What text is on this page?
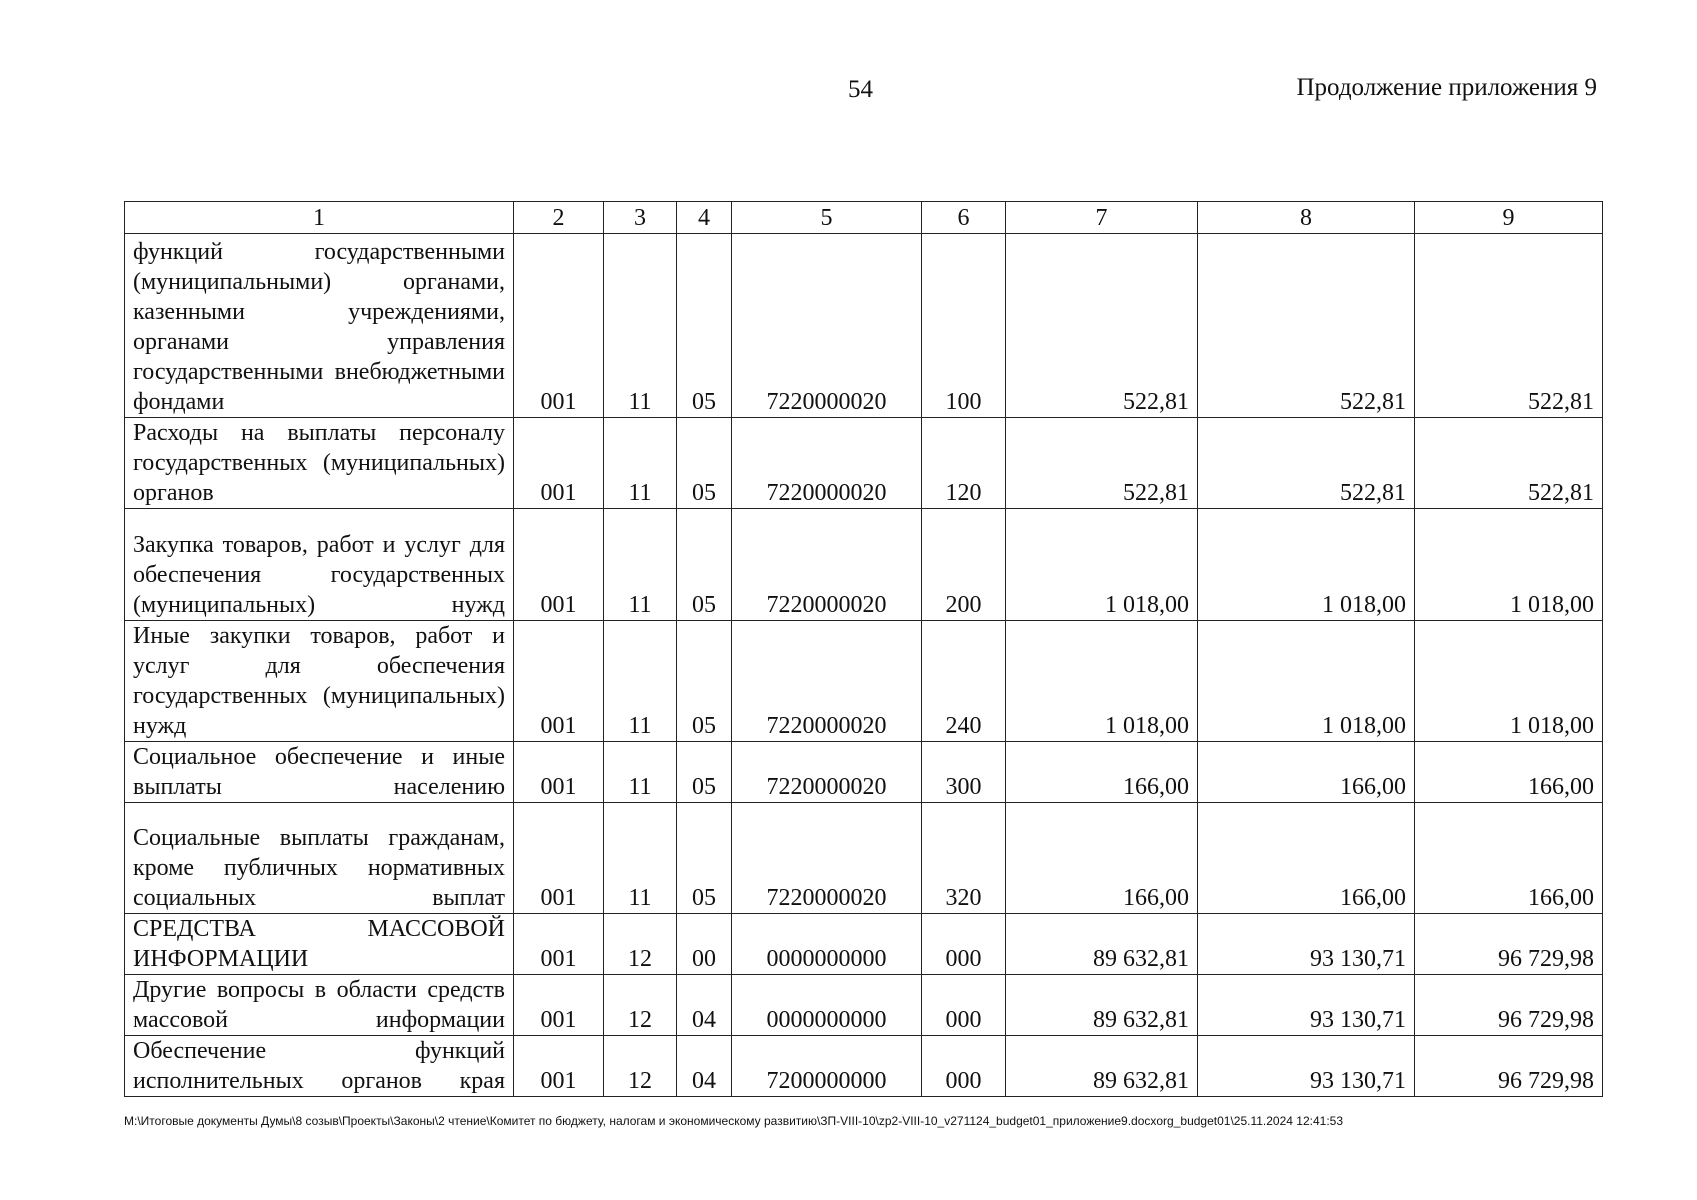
54	Продолжение приложения 9
1	2	3	4	5	6	7	8	9
функций государственными (муниципальными) органами, казенными учреждениями, органами управления государственными внебюджетными фондами	001	11	05	7220000020	100	522,81	522,81	522,81
Расходы на выплаты персоналу государственных (муниципальных) органов	001	11	05	7220000020	120	522,81	522,81	522,81
Закупка товаров, работ и услуг для обеспечения государственных (муниципальных) нужд	001	11	05	7220000020	200	1 018,00	1 018,00	1 018,00
Иные закупки товаров, работ и услуг для обеспечения государственных (муниципальных) нужд	001	11	05	7220000020	240	1 018,00	1 018,00	1 018,00
Социальное обеспечение и иные выплаты населению	001	11	05	7220000020	300	166,00	166,00	166,00
Социальные выплаты гражданам, кроме публичных нормативных социальных выплат	001	11	05	7220000020	320	166,00	166,00	166,00
СРЕДСТВА МАССОВОЙ ИНФОРМАЦИИ	001	12	00	0000000000	000	89 632,81	93 130,71	96 729,98
Другие вопросы в области средств массовой информации	001	12	04	0000000000	000	89 632,81	93 130,71	96 729,98
Обеспечение функций исполнительных органов края	001	12	04	7200000000	000	89 632,81	93 130,71	96 729,98
M:\Итоговые документы Думы\8 созыв\Проекты\Законы\2 чтение\Комитет по бюджету, налогам и экономическому развитию\ЗП-VIII-10\zp2-VIII-10_v271124_budget01_приложение9.docxorg_budget01\25.11.2024 12:41:53
